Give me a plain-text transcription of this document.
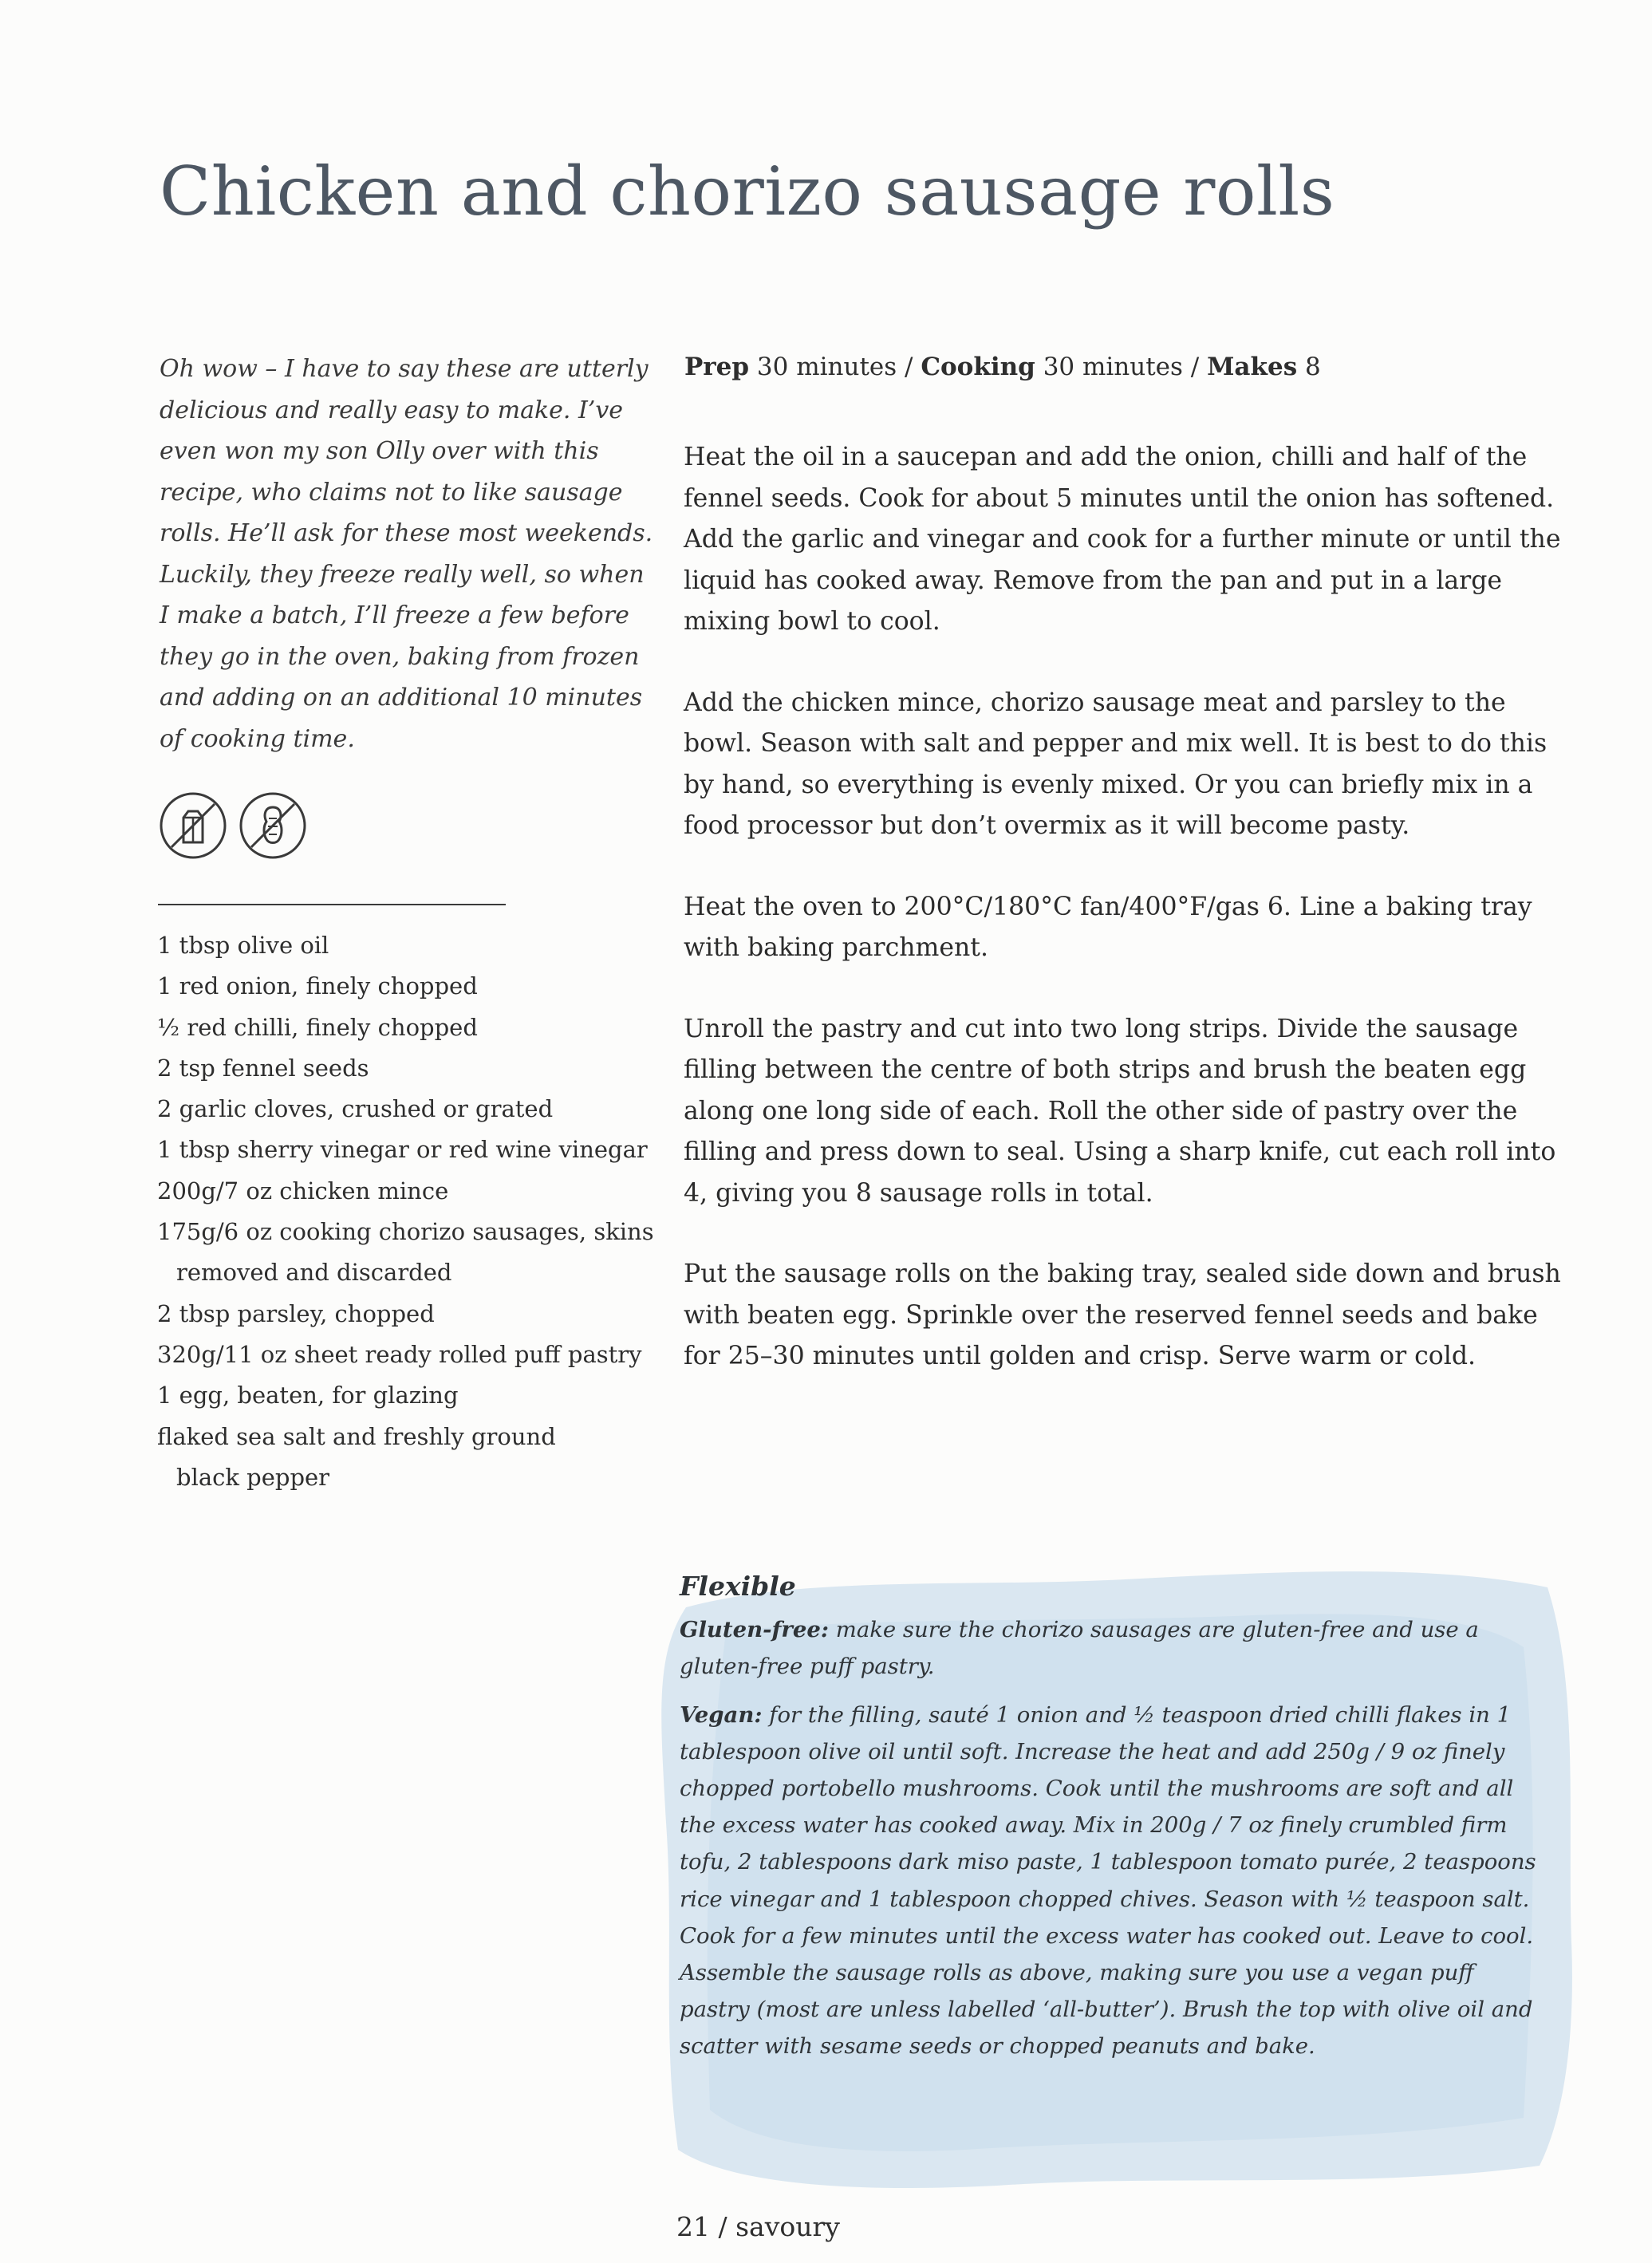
Chicken and chorizo sausage rolls
Oh wow – I have to say these are utterly delicious and really easy to make. I’ve even won my son Olly over with this recipe, who claims not to like sausage rolls. He’ll ask for these most weekends. Luckily, they freeze really well, so when I make a batch, I’ll freeze a few before they go in the oven, baking from frozen and adding on an additional 10 minutes of cooking time.
1 tbsp olive oil
1 red onion, finely chopped
½ red chilli, finely chopped
2 tsp fennel seeds
2 garlic cloves, crushed or grated
1 tbsp sherry vinegar or red wine vinegar
200g/7 oz chicken mince
175g/6 oz cooking chorizo sausages, skins removed and discarded
2 tbsp parsley, chopped
320g/11 oz sheet ready rolled puff pastry
1 egg, beaten, for glazing
flaked sea salt and freshly ground black pepper
Prep 30 minutes / Cooking 30 minutes / Makes 8

Heat the oil in a saucepan and add the onion, chilli and half of the fennel seeds. Cook for about 5 minutes until the onion has softened. Add the garlic and vinegar and cook for a further minute or until the liquid has cooked away. Remove from the pan and put in a large mixing bowl to cool.

Add the chicken mince, chorizo sausage meat and parsley to the bowl. Season with salt and pepper and mix well. It is best to do this by hand, so everything is evenly mixed. Or you can briefly mix in a food processor but don’t overmix as it will become pasty.

Heat the oven to 200°C/180°C fan/400°F/gas 6. Line a baking tray with baking parchment.

Unroll the pastry and cut into two long strips. Divide the sausage filling between the centre of both strips and brush the beaten egg along one long side of each. Roll the other side of pastry over the filling and press down to seal. Using a sharp knife, cut each roll into 4, giving you 8 sausage rolls in total.

Put the sausage rolls on the baking tray, sealed side down and brush with beaten egg. Sprinkle over the reserved fennel seeds and bake for 25–30 minutes until golden and crisp. Serve warm or cold.

Flexible

Gluten-free: make sure the chorizo sausages are gluten-free and use a gluten-free puff pastry.

Vegan: for the filling, sauté 1 onion and ½ teaspoon dried chilli flakes in 1 tablespoon olive oil until soft. Increase the heat and add 250g / 9 oz finely chopped portobello mushrooms. Cook until the mushrooms are soft and all the excess water has cooked away. Mix in 200g / 7 oz finely crumbled firm tofu, 2 tablespoons dark miso paste, 1 tablespoon tomato purée, 2 teaspoons rice vinegar and 1 tablespoon chopped chives. Season with ½ teaspoon salt. Cook for a few minutes until the excess water has cooked out. Leave to cool. Assemble the sausage rolls as above, making sure you use a vegan puff pastry (most are unless labelled ‘all-butter’). Brush the top with olive oil and scatter with sesame seeds or chopped peanuts and bake.

21 / savoury
